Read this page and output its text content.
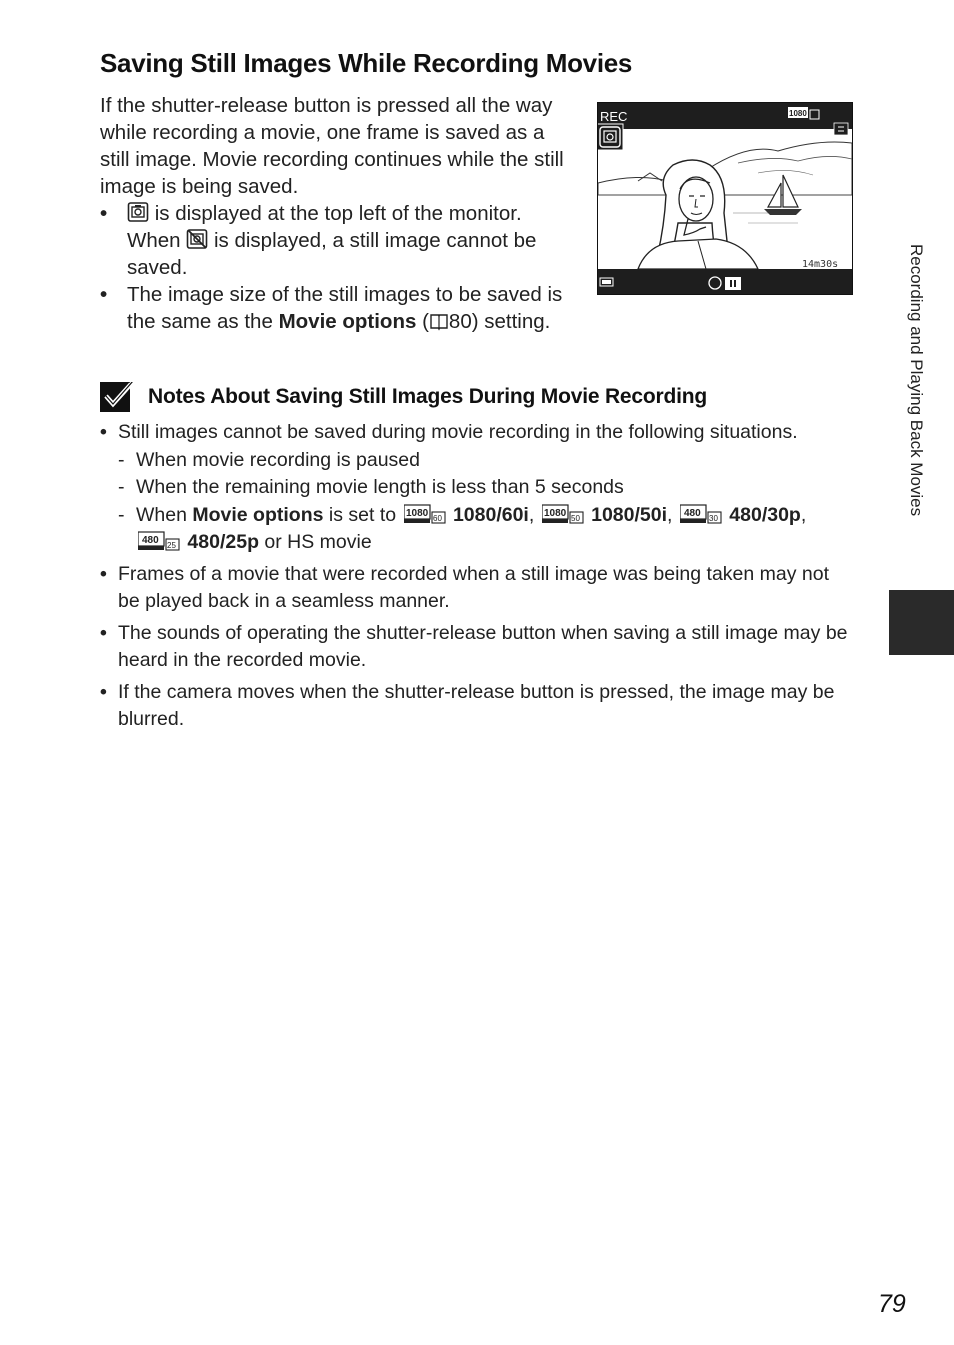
Saving Still Images While Recording Movies

If the shutter-release button is pressed all the way while recording a movie, one frame is saved as a still image. Movie recording continues while the still image is being saved.

• is displayed at the top left of the monitor. When is displayed, a still image cannot be saved.
• The image size of the still images to be saved is the same as the Movie options ( 80) setting.
REC	1080
14m30s
Notes About Saving Still Images During Movie Recording
• Still images cannot be saved during movie recording in the following situations.
- When movie recording is paused
- When the remaining movie length is less than 5 seconds
- When Movie options is set to 1080 60 1080/60i, 1080 50 1080/50i, 480 30 480/30p,
480 25 480/25p or HS movie
• Frames of a movie that were recorded when a still image was being taken may not be played back in a seamless manner.
• The sounds of operating the shutter-release button when saving a still image may be heard in the recorded movie.
• If the camera moves when the shutter-release button is pressed, the image may be blurred.
Recording and Playing Back Movies
79
